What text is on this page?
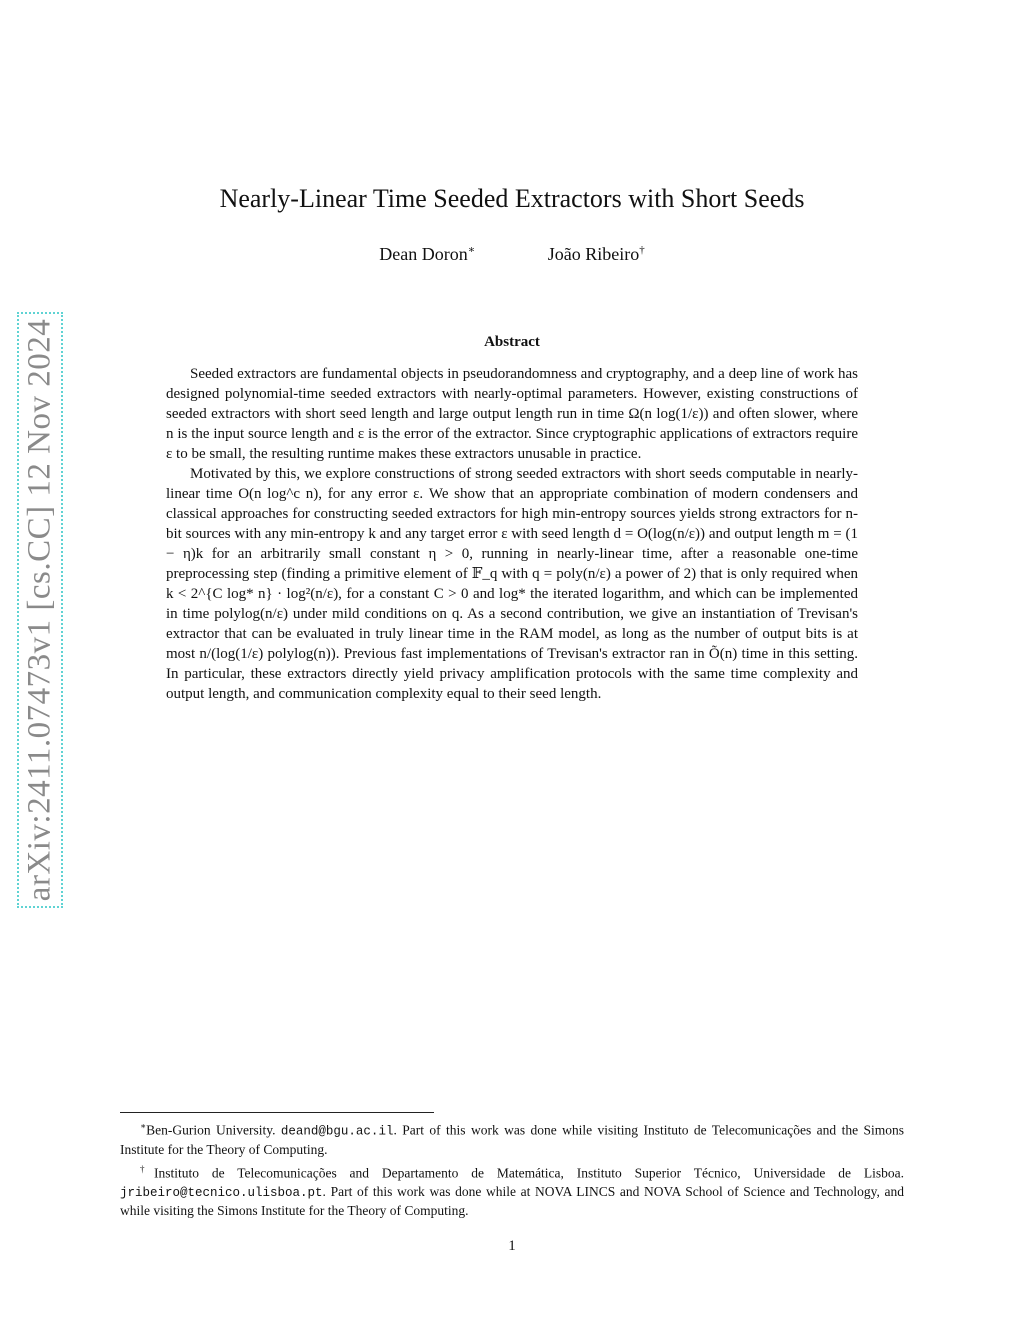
arXiv:2411.07473v1 [cs.CC] 12 Nov 2024
Nearly-Linear Time Seeded Extractors with Short Seeds
Dean Doron∗	João Ribeiro†
Abstract

Seeded extractors are fundamental objects in pseudorandomness and cryptography, and a deep line of work has designed polynomial-time seeded extractors with nearly-optimal parameters. However, existing constructions of seeded extractors with short seed length and large output length run in time Ω(n log(1/ε)) and often slower, where n is the input source length and ε is the error of the extractor. Since cryptographic applications of extractors require ε to be small, the resulting runtime makes these extractors unusable in practice.

Motivated by this, we explore constructions of strong seeded extractors with short seeds computable in nearly-linear time O(n log^c n), for any error ε. We show that an appropriate combination of modern condensers and classical approaches for constructing seeded extractors for high min-entropy sources yields strong extractors for n-bit sources with any min-entropy k and any target error ε with seed length d = O(log(n/ε)) and output length m = (1 − η)k for an arbitrarily small constant η > 0, running in nearly-linear time, after a reasonable one-time preprocessing step (finding a primitive element of 𝔽_q with q = poly(n/ε) a power of 2) that is only required when k < 2^{C log* n} · log²(n/ε), for a constant C > 0 and log* the iterated logarithm, and which can be implemented in time polylog(n/ε) under mild conditions on q. As a second contribution, we give an instantiation of Trevisan's extractor that can be evaluated in truly linear time in the RAM model, as long as the number of output bits is at most n/(log(1/ε) polylog(n)). Previous fast implementations of Trevisan's extractor ran in Õ(n) time in this setting. In particular, these extractors directly yield privacy amplification protocols with the same time complexity and output length, and communication complexity equal to their seed length.

∗Ben-Gurion University. deand@bgu.ac.il. Part of this work was done while visiting Instituto de Telecomunicações and the Simons Institute for the Theory of Computing.

†Instituto de Telecomunicações and Departamento de Matemática, Instituto Superior Técnico, Universidade de Lisboa. jribeiro@tecnico.ulisboa.pt. Part of this work was done while at NOVA LINCS and NOVA School of Science and Technology, and while visiting the Simons Institute for the Theory of Computing.

1
